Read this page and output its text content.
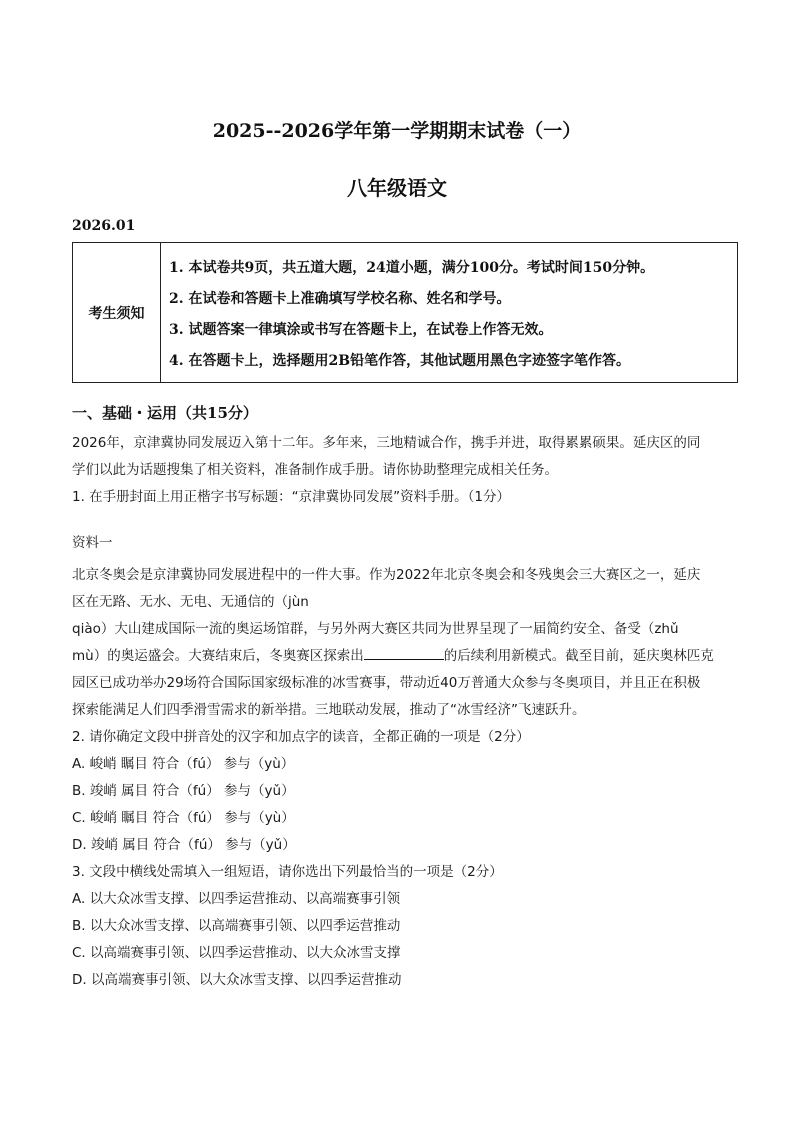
2025--2026学年第一学期期末试卷（一）
八年级语文
2026.01
考生须知
1. 本试卷共9页，共五道大题，24道小题，满分100分。考试时间150分钟。
2. 在试卷和答题卡上准确填写学校名称、姓名和学号。
3. 试题答案一律填涂或书写在答题卡上，在试卷上作答无效。
4. 在答题卡上，选择题用2B铅笔作答，其他试题用黑色字迹签字笔作答。
一、基础・运用（共15分）
2026年，京津冀协同发展迈入第十二年。多年来，三地精诚合作，携手并进，取得累累硕果。延庆区的同
学们以此为话题搜集了相关资料，准备制作成手册。请你协助整理完成相关任务。
1. 在手册封面上用正楷字书写标题：“京津冀协同发展”资料手册。（1分）
资料一
北京冬奥会是京津冀协同发展进程中的一件大事。作为2022年北京冬奥会和冬残奥会三大赛区之一，延庆
区在无路、无水、无电、无通信的（jùn
qiào）大山建成国际一流的奥运场馆群，与另外两大赛区共同为世界呈现了一届简约安全、备受（zhǔ
mù）的奥运盛会。大赛结束后，冬奥赛区探索出	的后续利用新模式。截至目前，延庆奥林匹克
园区已成功举办29场符合国际国家级标准的冰雪赛事，带动近40万普通大众参与冬奥项目，并且正在积极
探索能满足人们四季滑雪需求的新举措。三地联动发展，推动了“冰雪经济”飞速跃升。
2. 请你确定文段中拼音处的汉字和加点字的读音，全都正确的一项是（2分）
A. 峻峭 瞩目 符合（fú） 参与（yù）
B. 竣峭 属目 符合（fú） 参与（yǔ）
C. 峻峭 瞩目 符合（fú） 参与（yù）
D. 竣峭 属目 符合（fú） 参与（yǔ）
3. 文段中横线处需填入一组短语，请你选出下列最恰当的一项是（2分）
A. 以大众冰雪支撑、以四季运营推动、以高端赛事引领
B. 以大众冰雪支撑、以高端赛事引领、以四季运营推动
C. 以高端赛事引领、以四季运营推动、以大众冰雪支撑
D. 以高端赛事引领、以大众冰雪支撑、以四季运营推动
